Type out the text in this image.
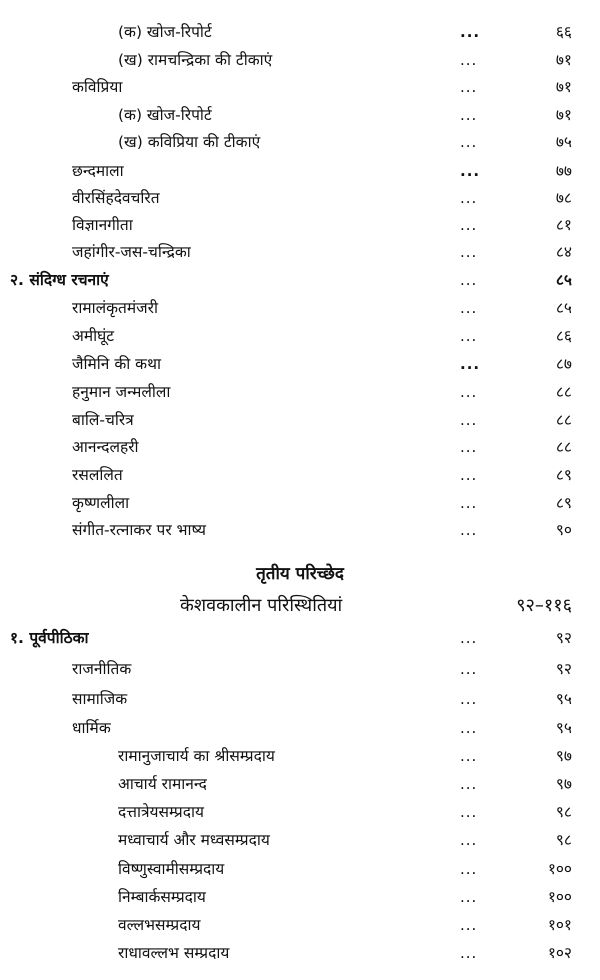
(क) खोज-रिपोर्ट	...	६६
(ख) रामचन्द्रिका की टीकाएं	...	७१
कविप्रिया	...	७१
(क) खोज-रिपोर्ट	...	७१
(ख) कविप्रिया की टीकाएं	...	७५
छन्दमाला	...	७७
वीरसिंहदेवचरित	...	७८
विज्ञानगीता	...	८१
जहांगीर-जस-चन्द्रिका	...	८४
२. संदिग्ध रचनाएं	...	८५
रामालंकृतमंजरी	...	८५
अमीघूंट	...	८६
जैमिनि की कथा	...	८७
हनुमान जन्मलीला	...	८८
बालि-चरित्र	...	८८
आनन्दलहरी	...	८८
रसललित	...	८९
कृष्णलीला	...	८९
संगीत-रत्नाकर पर भाष्य	...	९०
तृतीय परिच्छेद
केशवकालीन परिस्थितियां	९२–११६
१. पूर्वपीठिका	...	९२
राजनीतिक	...	९२
सामाजिक	...	९५
धार्मिक	...	९५
रामानुजाचार्य का श्रीसम्प्रदाय	...	९७
आचार्य रामानन्द	...	९७
दत्तात्रेयसम्प्रदाय	...	९८
मध्वाचार्य और मध्वसम्प्रदाय	...	९८
विष्णुस्वामीसम्प्रदाय	...	१००
निम्बार्कसम्प्रदाय	...	१००
वल्लभसम्प्रदाय	...	१०१
राधावल्लभ सम्प्रदाय	...	१०२
